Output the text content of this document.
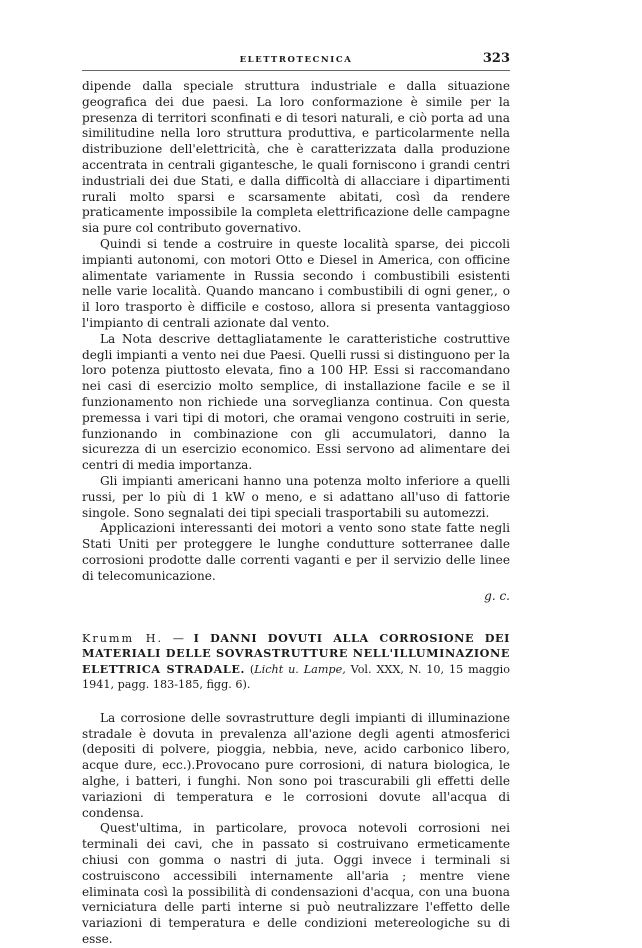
ELETTROTECNICA	323

dipende dalla speciale struttura industriale e dalla situazione geografica dei due paesi. La loro conformazione è simile per la presenza di territori sconfinati e di tesori naturali, e ciò porta ad una similitudine nella loro struttura produttiva, e particolarmente nella distribuzione dell'elettricità, che è caratterizzata dalla produzione accentrata in centrali gigantesche, le quali forniscono i grandi centri industriali dei due Stati, e dalla difficoltà di allacciare i dipartimenti rurali molto sparsi e scarsamente abitati, così da rendere praticamente impossibile la completa elettrificazione delle campagne sia pure col contributo governativo.

Quindi si tende a costruire in queste località sparse, dei piccoli impianti autonomi, con motori Otto e Diesel in America, con officine alimentate variamente in Russia secondo i combustibili esistenti nelle varie località. Quando mancano i combustibili di ogni gener,, o il loro trasporto è difficile e costoso, allora si presenta vantaggioso l'impianto di centrali azionate dal vento.

La Nota descrive dettagliatamente le caratteristiche costruttive degli impianti a vento nei due Paesi. Quelli russi si distinguono per la loro potenza piuttosto elevata, fino a 100 HP. Essi si raccomandano nei casi di esercizio molto semplice, di installazione facile e se il funzionamento non richiede una sorveglianza continua. Con questa premessa i vari tipi di motori, che oramai vengono costruiti in serie, funzionando in combinazione con gli accumulatori, danno la sicurezza di un esercizio economico. Essi servono ad alimentare dei centri di media importanza.

Gli impianti americani hanno una potenza molto inferiore a quelli russi, per lo più di 1 kW o meno, e si adattano all'uso di fattorie singole. Sono segnalati dei tipi speciali trasportabili su automezzi.

Applicazioni interessanti dei motori a vento sono state fatte negli Stati Uniti per proteggere le lunghe condutture sotterranee dalle corrosioni prodotte dalle correnti vaganti e per il servizio delle linee di telecomunicazione.

g. c.

Krumm H. — I DANNI DOVUTI ALLA CORROSIONE DEI MATERIALI DELLE SOVRASTRUTTURE NELL'ILLUMINAZIONE ELETTRICA STRADALE. (Licht u. Lampe, Vol. XXX, N. 10, 15 maggio 1941, pagg. 183-185, figg. 6).

La corrosione delle sovrastrutture degli impianti di illuminazione stradale è dovuta in prevalenza all'azione degli agenti atmosferici (depositi di polvere, pioggia, nebbia, neve, acido carbonico libero, acque dure, ecc.).Provocano pure corrosioni, di natura biologica, le alghe, i batteri, i funghi. Non sono poi trascurabili gli effetti delle variazioni di temperatura e le corrosioni dovute all'acqua di condensa.

Quest'ultima, in particolare, provoca notevoli corrosioni nei terminali dei cavi, che in passato si costruivano ermeticamente chiusi con gomma o nastri di juta. Oggi invece i terminali si costruiscono accessibili internamente all'aria ; mentre viene eliminata così la possibilità di condensazioni d'acqua, con una buona verniciatura delle parti interne si può neutralizzare l'effetto delle variazioni di temperatura e delle condizioni metereologiche su di esse.
